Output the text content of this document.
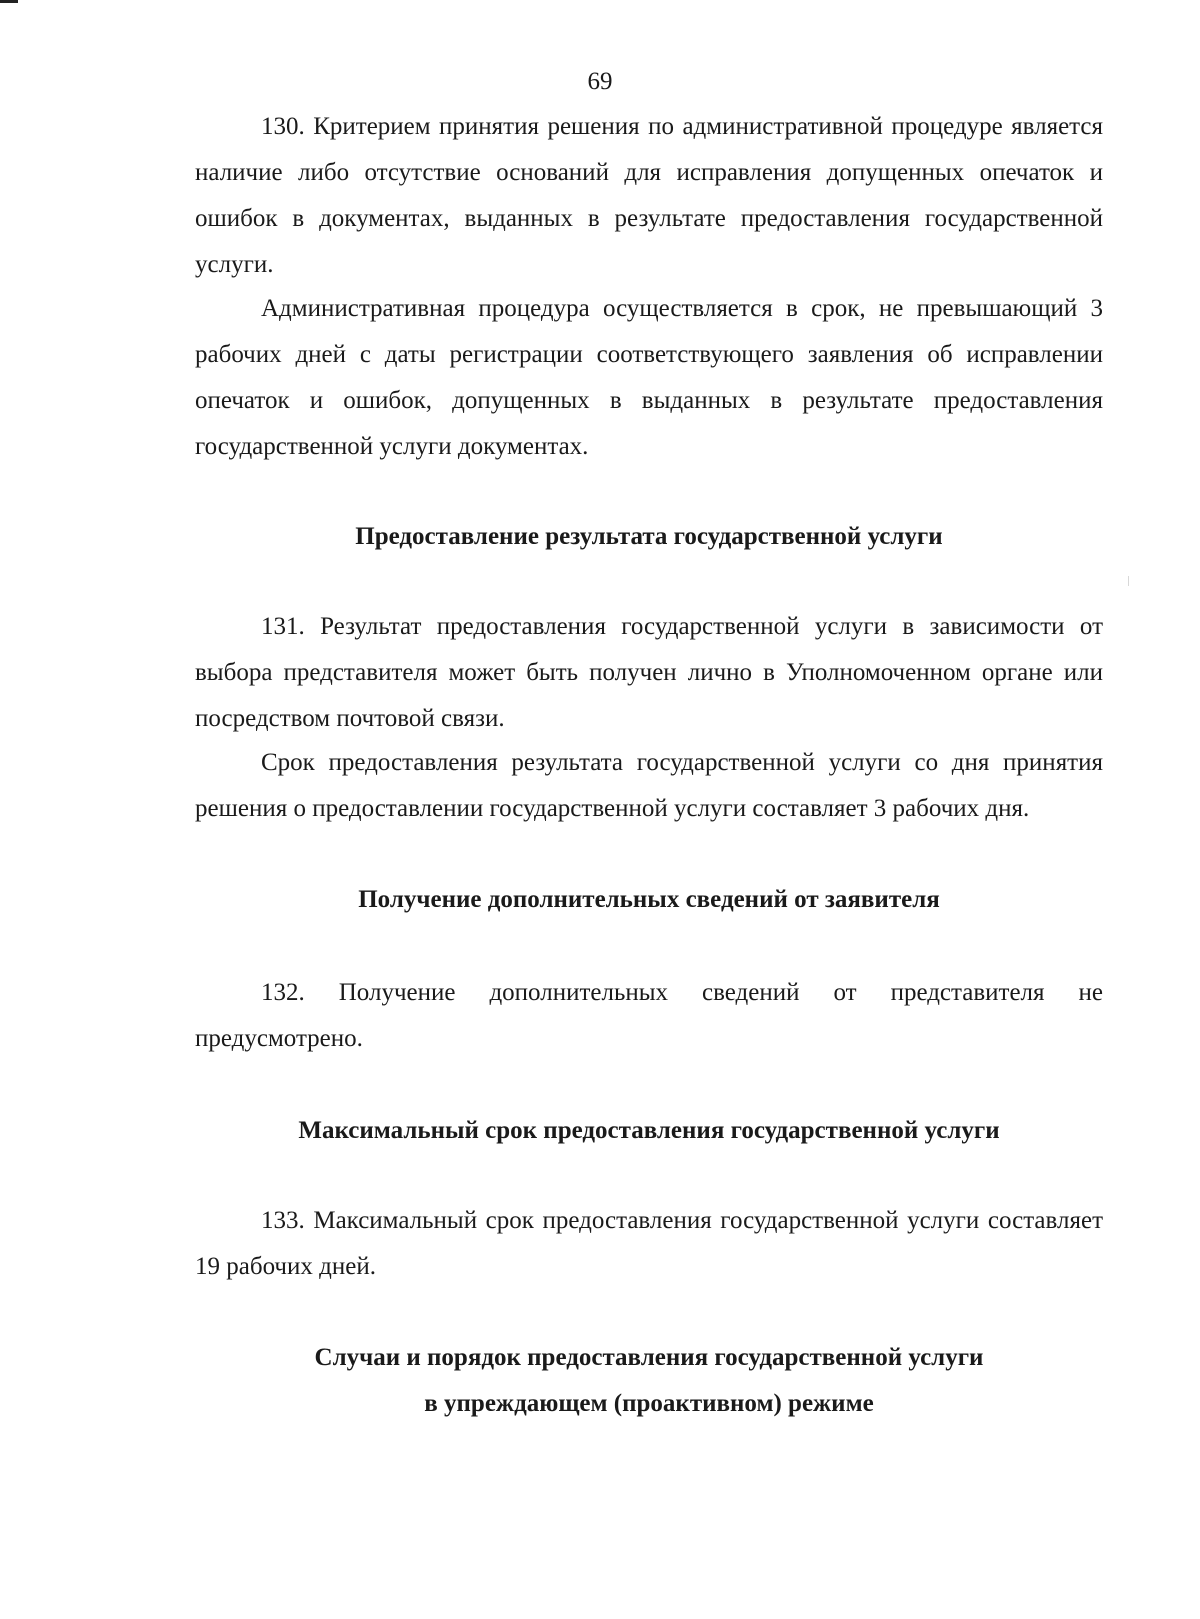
69

130. Критерием принятия решения по административной процедуре является наличие либо отсутствие оснований для исправления допущенных опечаток и ошибок в документах, выданных в результате предоставления государственной услуги.

Административная процедура осуществляется в срок, не превышающий 3 рабочих дней с даты регистрации соответствующего заявления об исправлении опечаток и ошибок, допущенных в выданных в результате предоставления государственной услуги документах.

Предоставление результата государственной услуги

131. Результат предоставления государственной услуги в зависимости от выбора представителя может быть получен лично в Уполномоченном органе или посредством почтовой связи.

Срок предоставления результата государственной услуги со дня принятия решения о предоставлении государственной услуги составляет 3 рабочих дня.

Получение дополнительных сведений от заявителя

132. Получение дополнительных сведений от представителя не предусмотрено.

Максимальный срок предоставления государственной услуги

133. Максимальный срок предоставления государственной услуги составляет 19 рабочих дней.

Случаи и порядок предоставления государственной услуги
в упреждающем (проактивном) режиме
